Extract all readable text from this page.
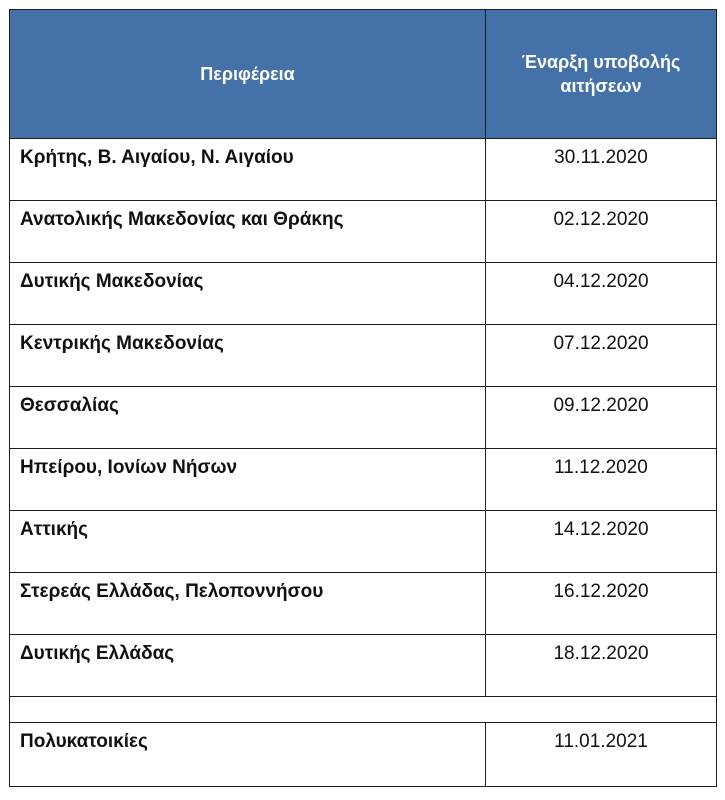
Περιφέρεια	Έναρξη υποβολής
αιτήσεων
Κρήτης, Β. Αιγαίου, Ν. Αιγαίου	30.11.2020
Ανατολικής Μακεδονίας και Θράκης	02.12.2020
Δυτικής Μακεδονίας	04.12.2020
Κεντρικής Μακεδονίας	07.12.2020
Θεσσαλίας	09.12.2020
Ηπείρου, Ιονίων Νήσων	11.12.2020
Αττικής	14.12.2020
Στερεάς Ελλάδας, Πελοποννήσου	16.12.2020
Δυτικής Ελλάδας	18.12.2020

Πολυκατοικίες	11.01.2021
